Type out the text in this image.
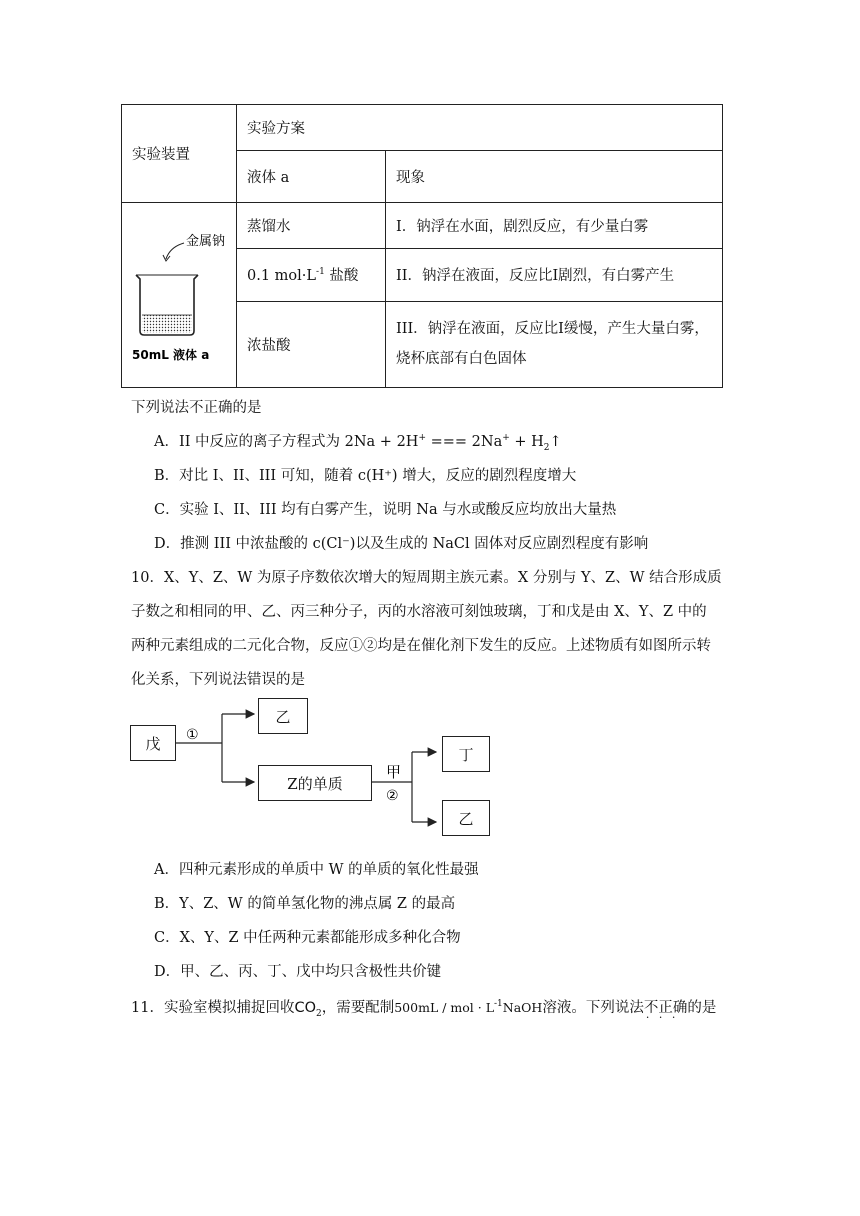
实验装置	实验方案	
	液体 a	现象

金属钠
50mL 液体 a	蒸馏水	I．钠浮在水面，剧烈反应，有少量白雾
	0.1 $mol\cdot L^{-1}$ 盐酸	II．钠浮在液面，反应比Ⅰ剧烈，有白雾产生
	浓盐酸	III．钠浮在液面，反应比Ⅰ缓慢，产生大量白雾，
烧杯底部有白色固体
下列说法不正确的是
A．II 中反应的离子方程式为 2Na + 2H+ === $2Na^+ + H_2↑$
B．对比 I、II、III 可知，随着 c(H⁺) 增大，反应的剧烈程度增大
C．实验 I、II、III 均有白雾产生，说明 Na 与水或酸反应均放出大量热
D．推测 III 中浓盐酸的 c(Cl⁻)以及生成的 NaCl 固体对反应剧烈程度有影响
10．X、Y、Z、W 为原子序数依次增大的短周期主族元素。X 分别与 Y、Z、W 结合形成质
子数之和相同的甲、乙、丙三种分子，丙的水溶液可刻蚀玻璃，丁和戊是由 X、Y、Z 中的
两种元素组成的二元化合物，反应①②均是在催化剂下发生的反应。上述物质有如图所示转
化关系，下列说法错误的是
①
甲
②
戊
乙
Z的单质
丁
乙
A．四种元素形成的单质中 W 的单质的氧化性最强
B．Y、Z、W 的简单氢化物的沸点属 Z 的最高
C．X、Y、Z 中任两种元素都能形成多种化合物
D．甲、乙、丙、丁、戊中均只含极性共价键
11．实验室模拟捕捉回收$CO_2$，需要配制500mL / mol · $L^{-1}NaOH$溶液。下列说法不正确 · · ·的是
